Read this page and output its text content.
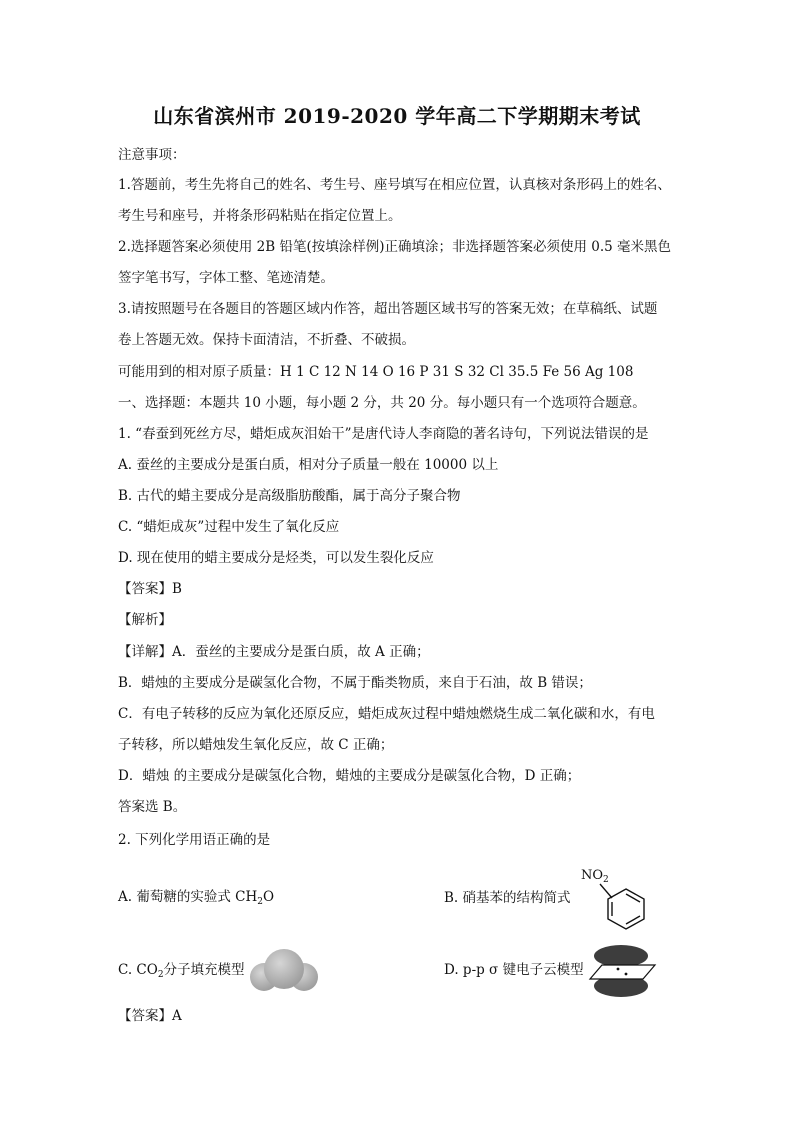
山东省滨州市 2019-2020 学年高二下学期期末考试
注意事项：
1.答题前，考生先将自己的姓名、考生号、座号填写在相应位置，认真核对条形码上的姓名、
考生号和座号，并将条形码粘贴在指定位置上。
2.选择题答案必须使用 2B 铅笔(按填涂样例)正确填涂；非选择题答案必须使用 0.5 毫米黑色
签字笔书写，字体工整、笔迹清楚。
3.请按照题号在各题目的答题区域内作答，超出答题区域书写的答案无效；在草稿纸、试题
卷上答题无效。保持卡面清洁，不折叠、不破损。
可能用到的相对原子质量：H 1 C 12 N 14 O 16 P 31 S 32 Cl 35.5 Fe 56 Ag 108
一、选择题：本题共 10 小题，每小题 2 分，共 20 分。每小题只有一个选项符合题意。
1. “春蚕到死丝方尽，蜡炬成灰泪始干”是唐代诗人李商隐的著名诗句，下列说法错误的是
A. 蚕丝的主要成分是蛋白质，相对分子质量一般在 10000 以上
B. 古代的蜡主要成分是高级脂肪酸酯，属于高分子聚合物
C. “蜡炬成灰”过程中发生了氧化反应
D. 现在使用的蜡主要成分是烃类，可以发生裂化反应
【答案】B
【解析】
【详解】A．蚕丝的主要成分是蛋白质，故 A 正确；
B．蜡烛的主要成分是碳氢化合物，不属于酯类物质，来自于石油，故 B 错误；
C．有电子转移的反应为氧化还原反应，蜡炬成灰过程中蜡烛燃烧生成二氧化碳和水，有电
子转移，所以蜡烛发生氧化反应，故 C 正确；
D．蜡烛 的主要成分是碳氢化合物，蜡烛的主要成分是碳氢化合物，D 正确；
答案选 B。
2. 下列化学用语正确的是
A. 葡萄糖的实验式 $CH_2O$	B. 硝基苯的结构简式
$NO_2$
C. $CO_2$分子填充模型	D. p-p σ 键电子云模型
【答案】A
